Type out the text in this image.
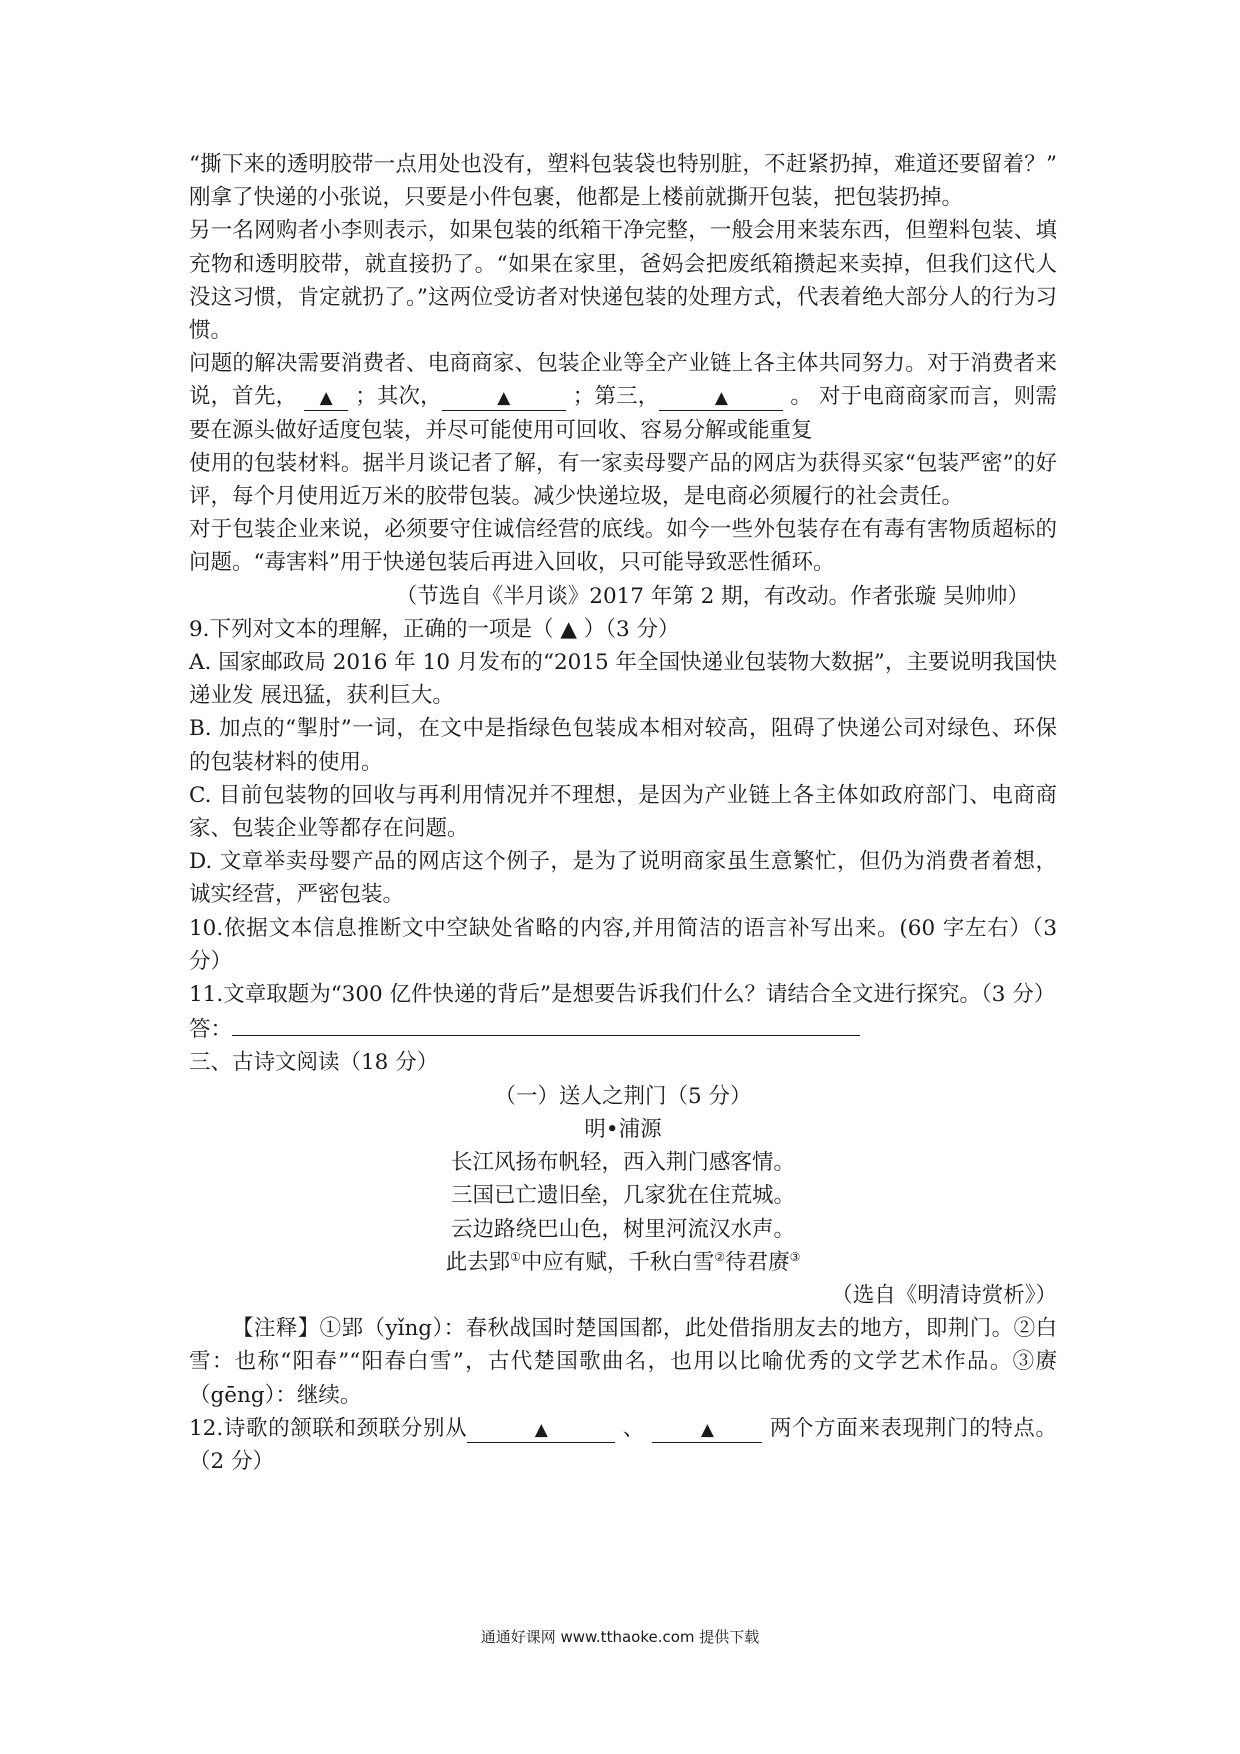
“撕下来的透明胶带一点用处也没有，塑料包装袋也特别脏，不赶紧扔掉，难道还要留着？” 刚拿了快递的小张说，只要是小件包裹，他都是上楼前就撕开包装，把包装扔掉。

另一名网购者小李则表示，如果包装的纸箱干净完整，一般会用来装东西，但塑料包装、填充物和透明胶带，就直接扔了。“如果在家里，爸妈会把废纸箱攒起来卖掉，但我们这代人没这习惯，肯定就扔了。”这两位受访者对快递包装的处理方式，代表着绝大部分人的行为习惯。

问题的解决需要消费者、电商商家、包装企业等全产业链上各主体共同努力。对于消费者来说，首先， ▲ ；其次，	▲	；第三，	▲	。 对于电商商家而言，则需要在源头做好适度包装，并尽可能使用可回收、容易分解或能重复

使用的包装材料。据半月谈记者了解，有一家卖母婴产品的网店为获得买家“包装严密”的好评，每个月使用近万米的胶带包装。减少快递垃圾，是电商必须履行的社会责任。

对于包装企业来说，必须要守住诚信经营的底线。如今一些外包装存在有毒有害物质超标的问题。“毒害料”用于快递包装后再进入回收，只可能导致恶性循环。

（节选自《半月谈》2017 年第 2 期，有改动。作者张璇 吴帅帅）

9.下列对文本的理解，正确的一项是（ ▲ ）（3 分）

A. 国家邮政局 2016 年 10 月发布的“2015 年全国快递业包装物大数据”，主要说明我国快递业发 展迅猛，获利巨大。

B. 加点的“掣肘”一词，在文中是指绿色包装成本相对较高，阻碍了快递公司对绿色、环保的包装材料的使用。

C. 目前包装物的回收与再利用情况并不理想，是因为产业链上各主体如政府部门、电商商家、包装企业等都存在问题。

D. 文章举卖母婴产品的网店这个例子，是为了说明商家虽生意繁忙，但仍为消费者着想，诚实经营，严密包装。

10.依据文本信息推断文中空缺处省略的内容,并用简洁的语言补写出来。(60 字左右）（3 分）

11.文章取题为“300 亿件快递的背后”是想要告诉我们什么？请结合全文进行探究。（3 分）

答：

三、古诗文阅读（18 分）

（一）送人之荆门（5 分）

明•浦源

长江风扬布帆轻，西入荆门感客情。

三国已亡遗旧垒，几家犹在住荒城。

云边路绕巴山色，树里河流汉水声。

此去郢①中应有赋，千秋白雪②待君赓③

（选自《明清诗赏析》）

【注释】①郢（yǐng）：春秋战国时楚国国都，此处借指朋友去的地方，即荆门。②白雪：也称“阳春”“阳春白雪”，古代楚国歌曲名，也用以比喻优秀的文学艺术作品。③赓（gēng）：继续。

12.诗歌的颔联和颈联分别从	▲	、	▲ 两个方面来表现荆门的特点。（2 分）

通通好课网 www.tthaoke.com 提供下载
